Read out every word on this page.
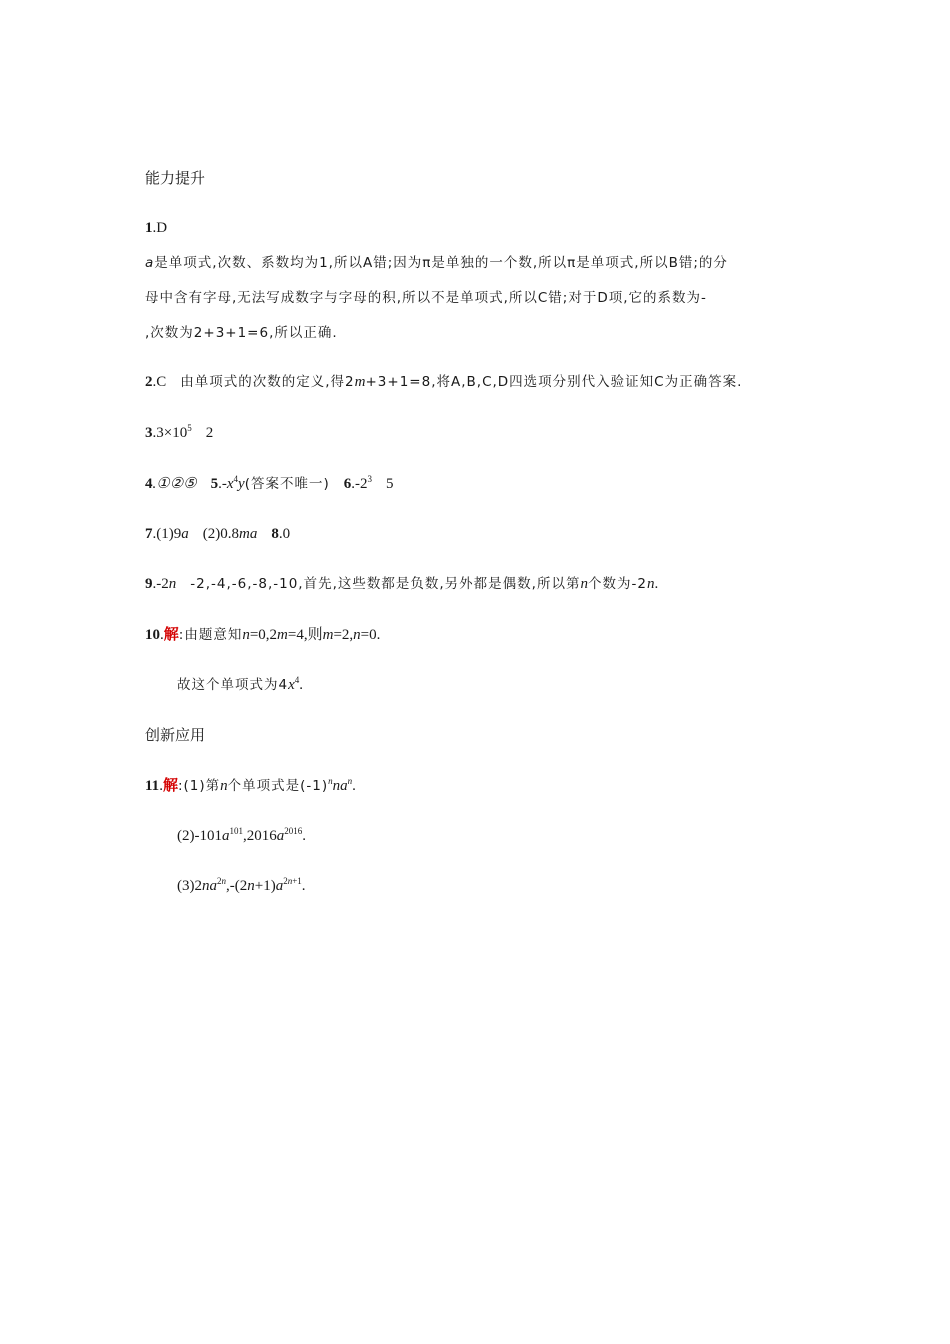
能力提升
1.D
a是单项式,次数、系数均为1,所以A错;因为π是单独的一个数,所以π是单项式,所以B错;的分
母中含有字母,无法写成数字与字母的积,所以不是单项式,所以C错;对于D项,它的系数为-
,次数为2+3+1=6,所以正确.
2.C 由单项式的次数的定义,得2m+3+1=8,将A,B,C,D四选项分别代入验证知C为正确答案.
$3.3\times 10^5$ 2
4.①②⑤ $5.-x^4y$(答案不唯一) $6.-2^3$ 5
7.(1)9a (2)0.8ma 8.0
9.-2n -2,-4,-6,-8,-10,首先,这些数都是负数,另外都是偶数,所以第n个数为-2n.
10.解:由题意知n=0,2m=4,则m=2,n=0.
故这个单项式为$4x^4$.
创新应用
11.解:(1)第n个单项式是$(-1)^nna^n$.
$(2)-101a^{101},2016a^{2016}$.
$(3)2na^{2n},-(2n+1)a^{2n+1}$.
